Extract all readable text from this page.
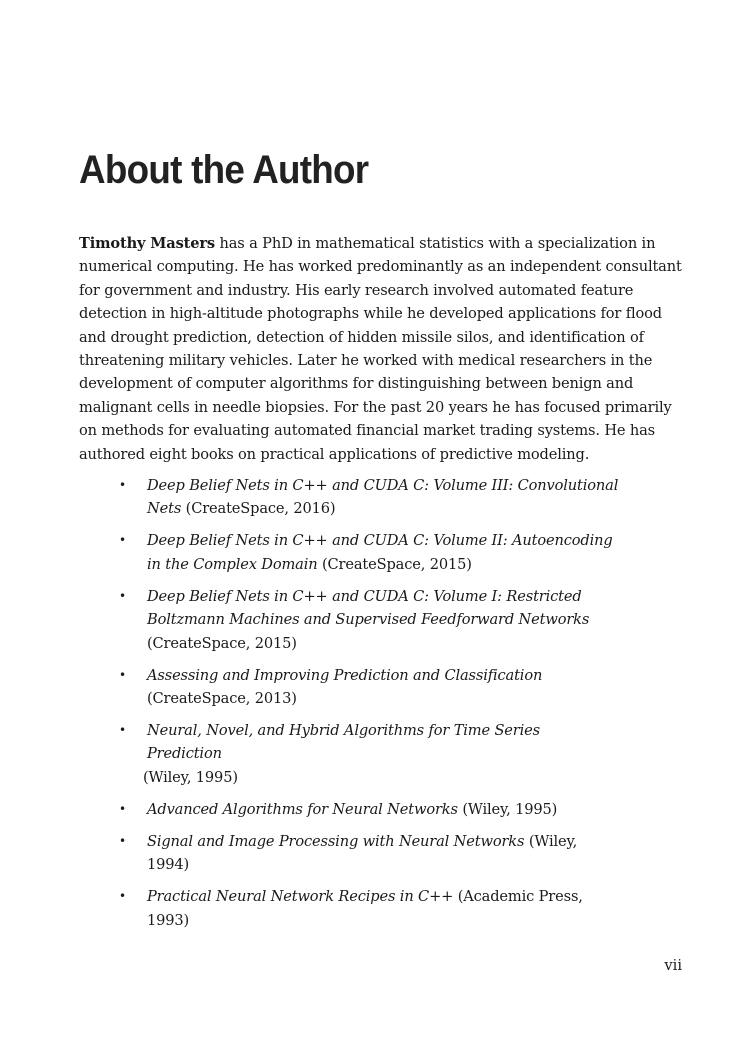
About the Author

Timothy Masters has a PhD in mathematical statistics with a specialization in numerical computing. He has worked predominantly as an independent consultant for government and industry. His early research involved automated feature detection in high-altitude photographs while he developed applications for flood and drought prediction, detection of hidden missile silos, and identification of threatening military vehicles. Later he worked with medical researchers in the development of computer algorithms for distinguishing between benign and malignant cells in needle biopsies. For the past 20 years he has focused primarily on methods for evaluating automated financial market trading systems. He has authored eight books on practical applications of predictive modeling.

• Deep Belief Nets in C++ and CUDA C: Volume III: Convolutional Nets (CreateSpace, 2016)
• Deep Belief Nets in C++ and CUDA C: Volume II: Autoencoding in the Complex Domain (CreateSpace, 2015)
• Deep Belief Nets in C++ and CUDA C: Volume I: Restricted Boltzmann Machines and Supervised Feedforward Networks (CreateSpace, 2015)
• Assessing and Improving Prediction and Classification (CreateSpace, 2013)
• Neural, Novel, and Hybrid Algorithms for Time Series Prediction
(Wiley, 1995)
• Advanced Algorithms for Neural Networks (Wiley, 1995)
• Signal and Image Processing with Neural Networks (Wiley, 1994)
• Practical Neural Network Recipes in C++ (Academic Press, 1993)
vii
